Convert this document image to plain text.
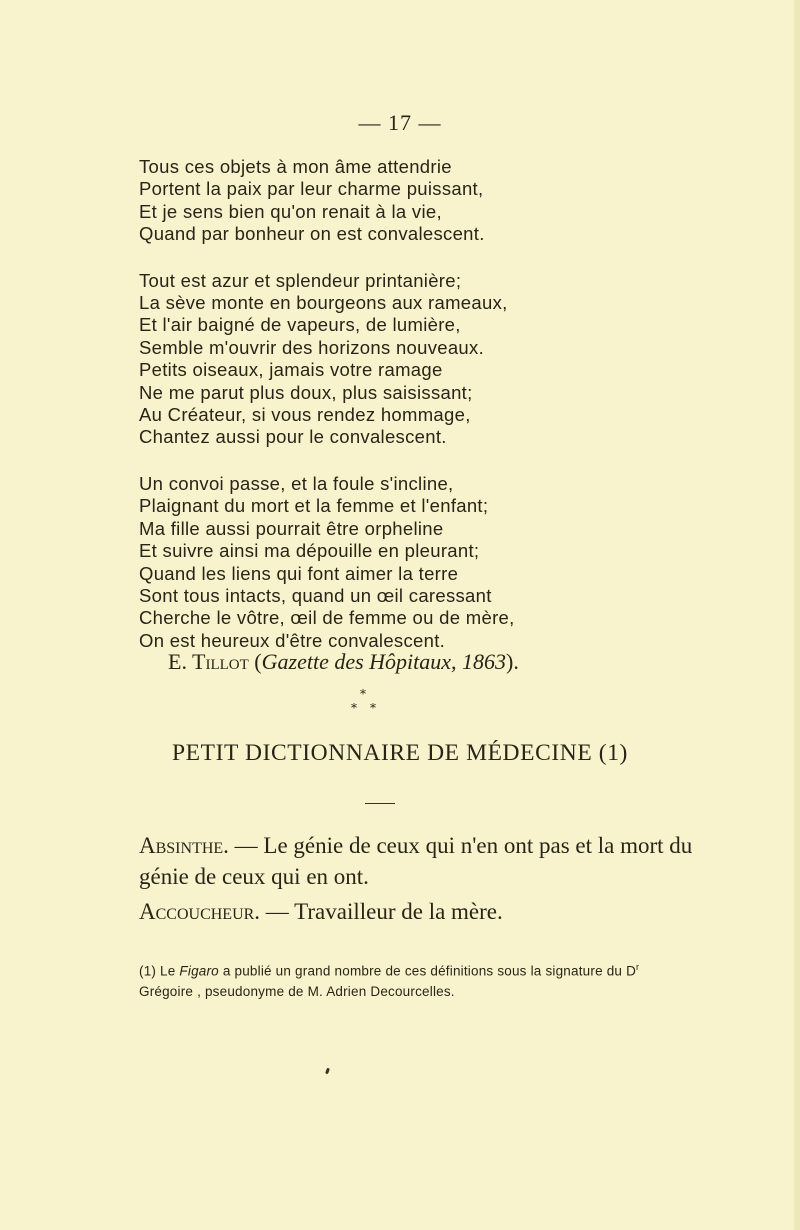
— 17 —
Tous ces objets à mon âme attendrie
Portent la paix par leur charme puissant,
Et je sens bien qu'on renait à la vie,
Quand par bonheur on est convalescent.
Tout est azur et splendeur printanière;
La sève monte en bourgeons aux rameaux,
Et l'air baigné de vapeurs, de lumière,
Semble m'ouvrir des horizons nouveaux.
Petits oiseaux, jamais votre ramage
Ne me parut plus doux, plus saisissant;
Au Créateur, si vous rendez hommage,
Chantez aussi pour le convalescent.
Un convoi passe, et la foule s'incline,
Plaignant du mort et la femme et l'enfant;
Ma fille aussi pourrait être orpheline
Et suivre ainsi ma dépouille en pleurant;
Quand les liens qui font aimer la terre
Sont tous intacts, quand un œil caressant
Cherche le vôtre, œil de femme ou de mère,
On est heureux d'être convalescent.
E. Tillot (Gazette des Hôpitaux, 1863).
*
* *
PETIT DICTIONNAIRE DE MÉDECINE (1)

Absinthe. — Le génie de ceux qui n'en ont pas et la mort du génie de ceux qui en ont.

Accoucheur. — Travailleur de la mère.

(1) Le Figaro a publié un grand nombre de ces définitions sous la signature du $D^r$ Grégoire , pseudonyme de M. Adrien Decourcelles.
